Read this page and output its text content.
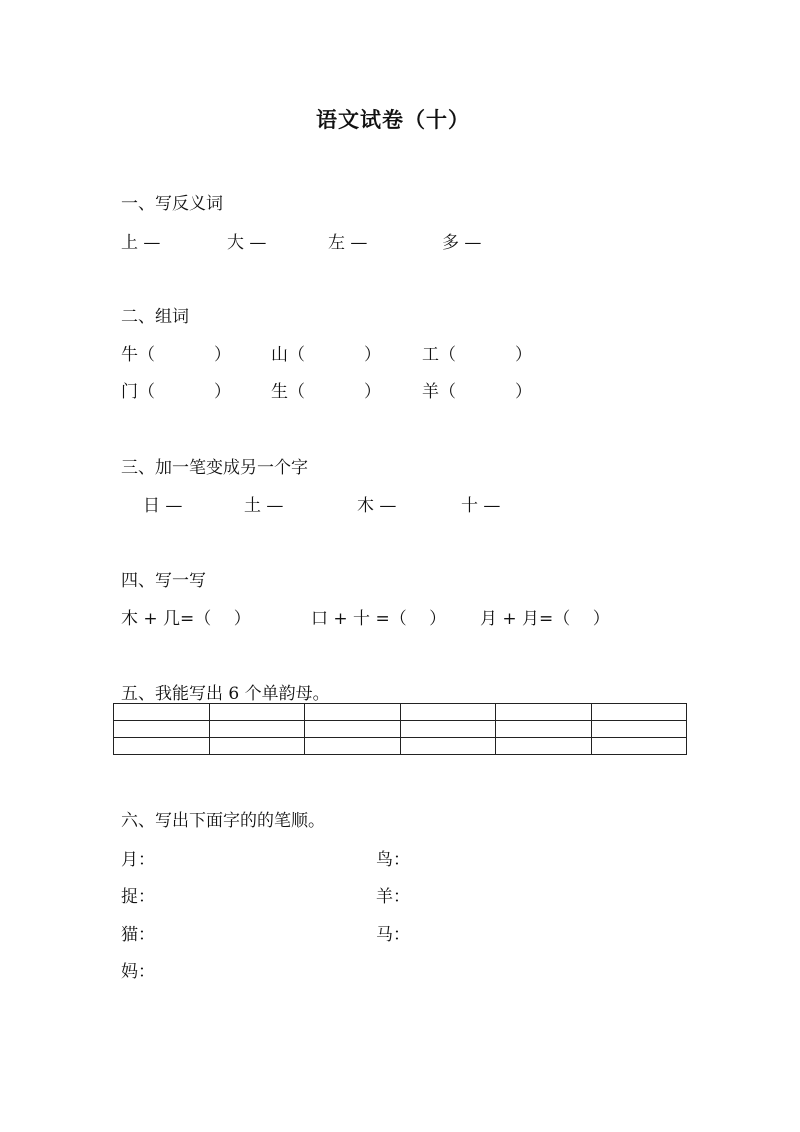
语文试卷（十）
一、写反义词
上 —	大 —	左 —	多 —
二、组词
牛（	） 山（	） 工（	）
门（	） 生（	） 羊（	）
三、加一笔变成另一个字
日 —	土 —	木 —	十 —
四、写一写
木 + 几=（　 ）	口 + 十 =（　 ） 月 + 月=（　 ）
五、我能写出 6 个单韵母。

六、写出下面字的的笔顺。
月：	鸟：
捉：	羊：
猫：	马：
妈：
